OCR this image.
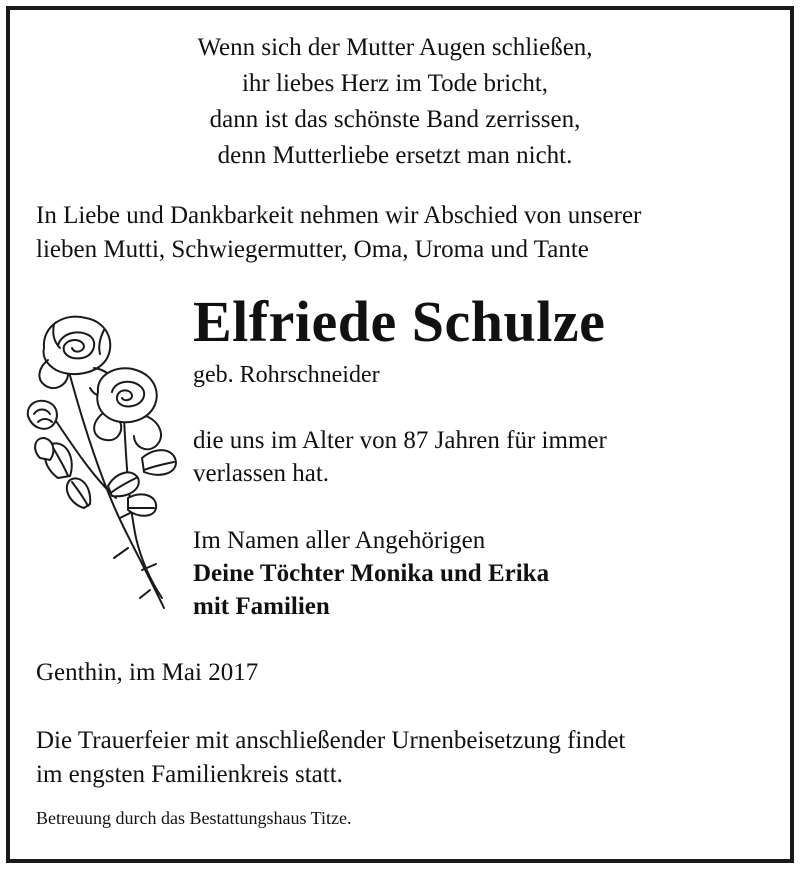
Wenn sich der Mutter Augen schließen,
ihr liebes Herz im Tode bricht,
dann ist das schönste Band zerrissen,
denn Mutterliebe ersetzt man nicht.
In Liebe und Dankbarkeit nehmen wir Abschied von unserer
lieben Mutti, Schwiegermutter, Oma, Uroma und Tante
Elfriede Schulze
geb. Rohrschneider
die uns im Alter von 87 Jahren für immer
verlassen hat.
Im Namen aller Angehörigen
Deine Töchter Monika und Erika
mit Familien
Genthin, im Mai 2017
Die Trauerfeier mit anschließender Urnenbeisetzung findet
im engsten Familienkreis statt.
Betreuung durch das Bestattungshaus Titze.
